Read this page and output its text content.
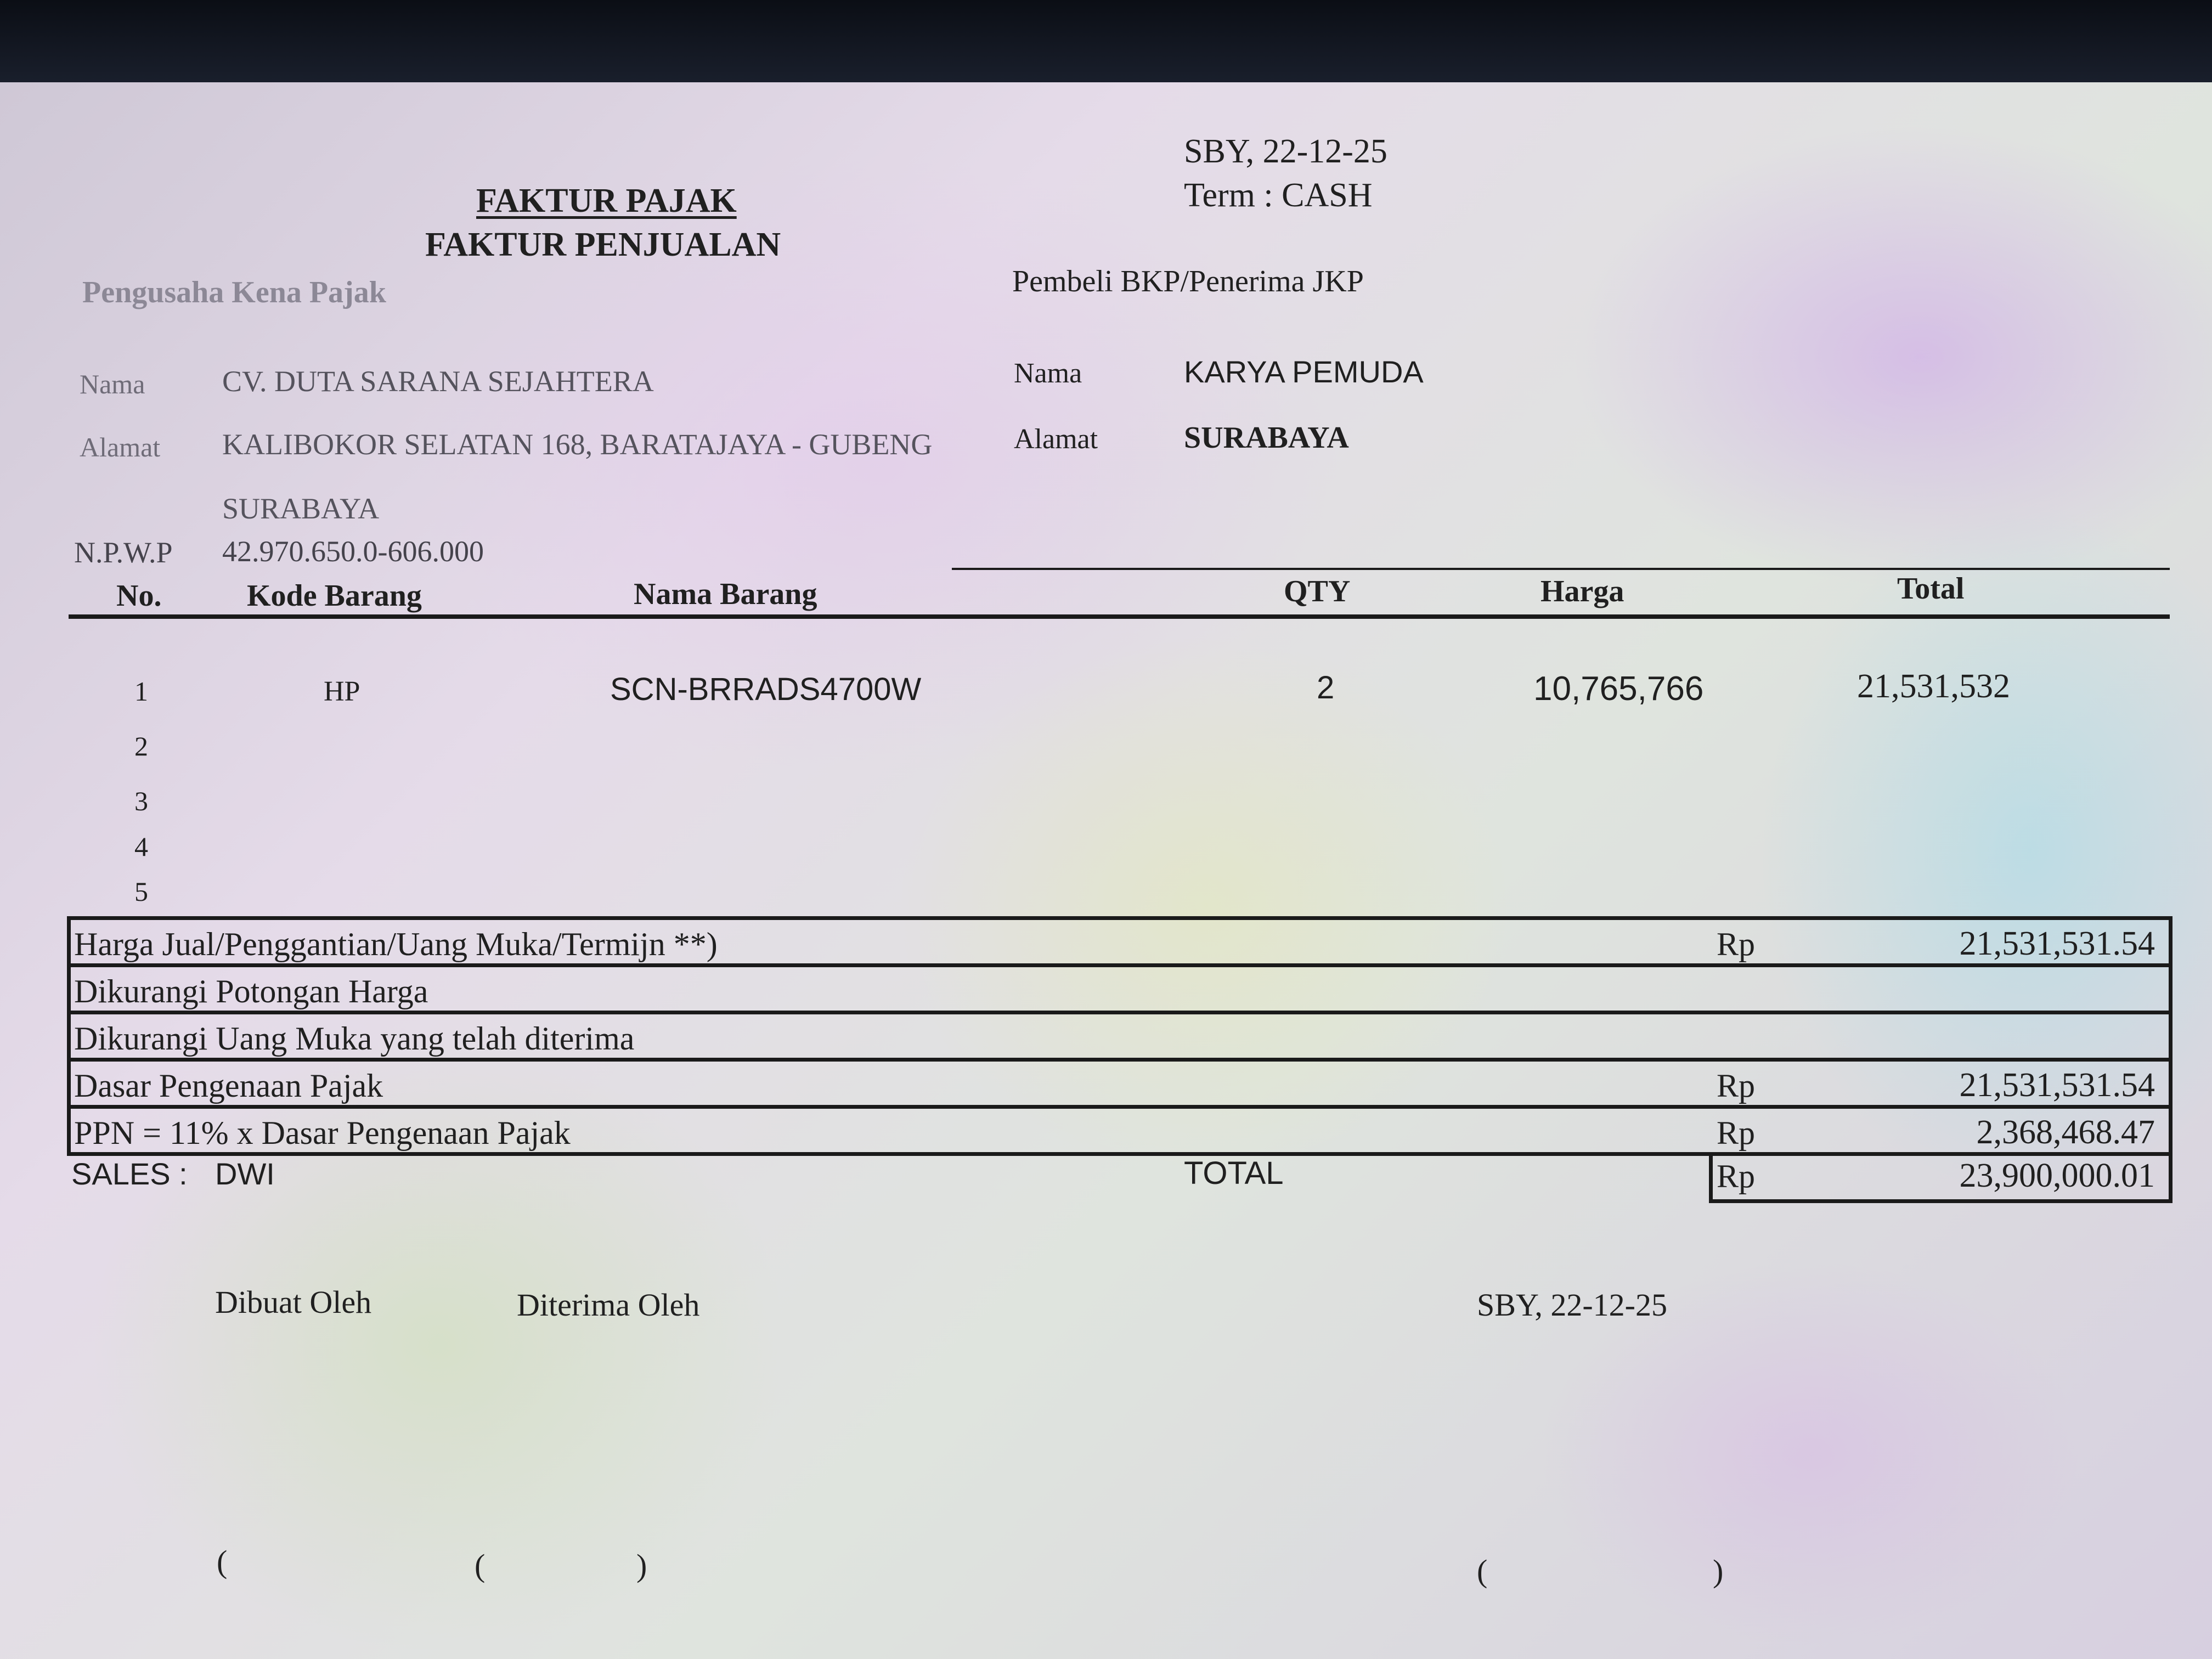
FAKTUR PAJAK
FAKTUR PENJUALAN
SBY, 22-12-25
Term : CASH
Pengusaha Kena Pajak
Nama	CV. DUTA SARANA SEJAHTERA
Alamat KALIBOKOR SELATAN 168, BARATAJAYA - GUBENG
SURABAYA
N.P.W.P 42.970.650.0-606.000
Pembeli BKP/Penerima JKP
Nama	KARYA PEMUDA
Alamat	SURABAYA
No.	Kode Barang	Nama Barang	QTY	Harga	Total
1	HP	SCN-BRRADS4700W	2	10,765,766	21,531,532
2
3
4
5
Harga Jual/Penggantian/Uang Muka/Termijn **)	Rp	21,531,531.54
Dikurangi Potongan Harga
Dikurangi Uang Muka yang telah diterima
Dasar Pengenaan Pajak	Rp	21,531,531.54
PPN = 11% x Dasar Pengenaan Pajak	Rp	2,368,468.47
SALES : DWI	TOTAL	Rp	23,900,000.01
Dibuat Oleh	Diterima Oleh	SBY, 22-12-25
(	(	)	(	)
